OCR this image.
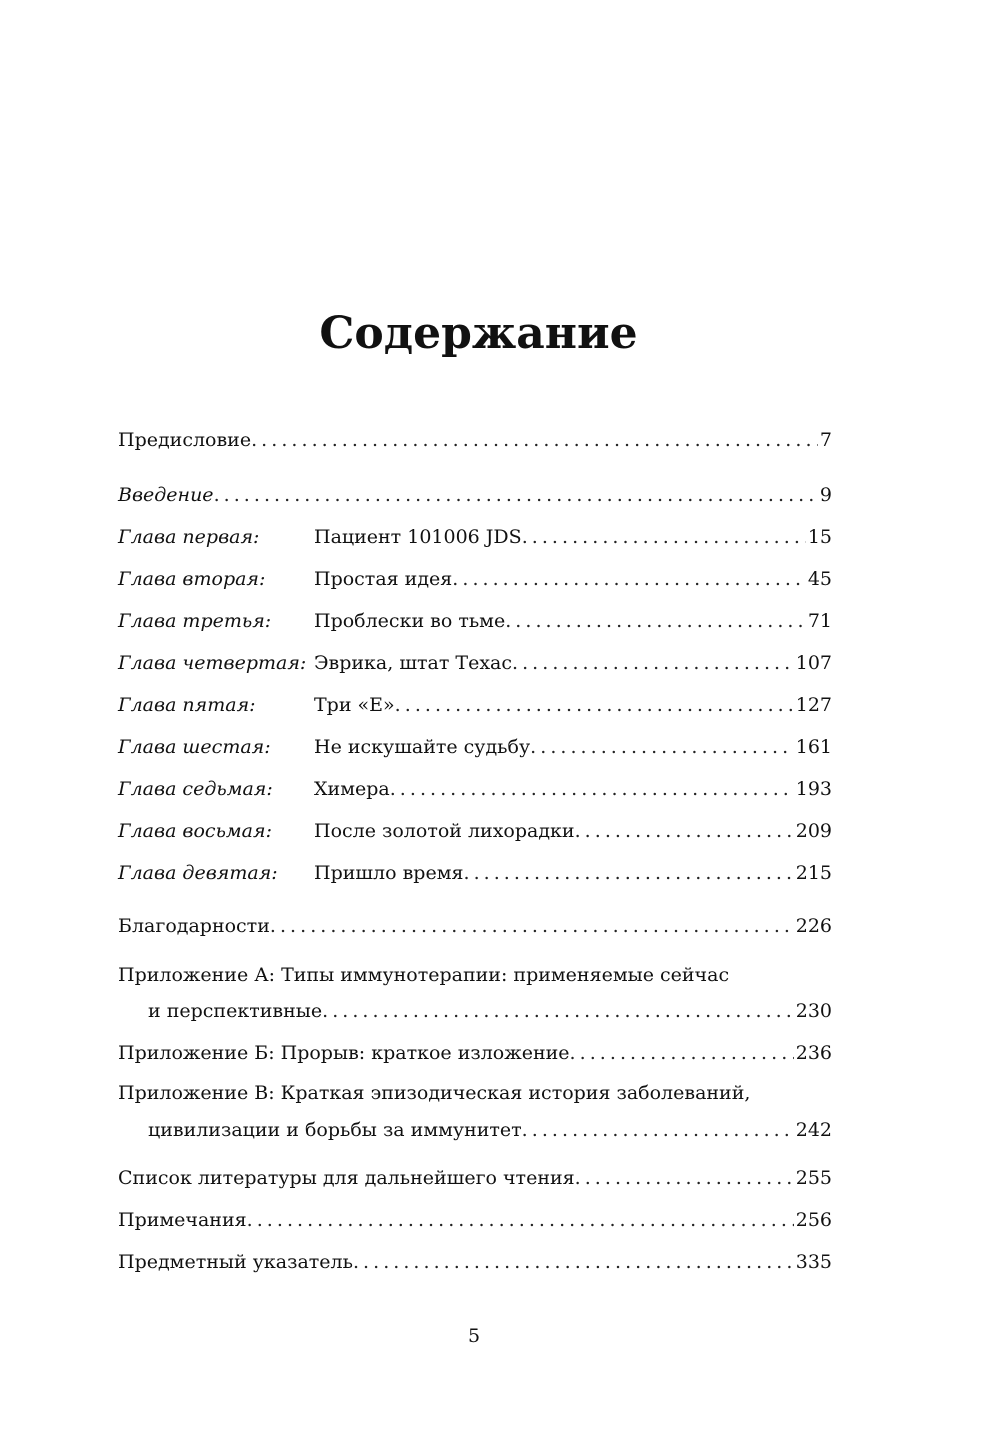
Содержание
Предисловие . . .	7
Введение . . .	9
Глава первая:	Пациент 101006 JDS . . .	15
Глава вторая:	Простая идея . . .	45
Глава третья:	Проблески во тьме . . .	71
Глава четвертая: Эврика, штат Техас . . .	107
Глава пятая:	Три «Е» . . .	127
Глава шестая:	Не искушайте судьбу . . .	161
Глава седьмая:	Химера . . .	193
Глава восьмая:	После золотой лихорадки . . .	209
Глава девятая:	Пришло время . . .	215
Благодарности . . .	226
Приложение А: Типы иммунотерапии: применяемые сейчас
и перспективные . . .	230
Приложение Б: Прорыв: краткое изложение . . .	236
Приложение В: Краткая эпизодическая история заболеваний,
цивилизации и борьбы за иммунитет . . .	242
Список литературы для дальнейшего чтения . . .	255
Примечания . . .	256
Предметный указатель . . .	335
5
